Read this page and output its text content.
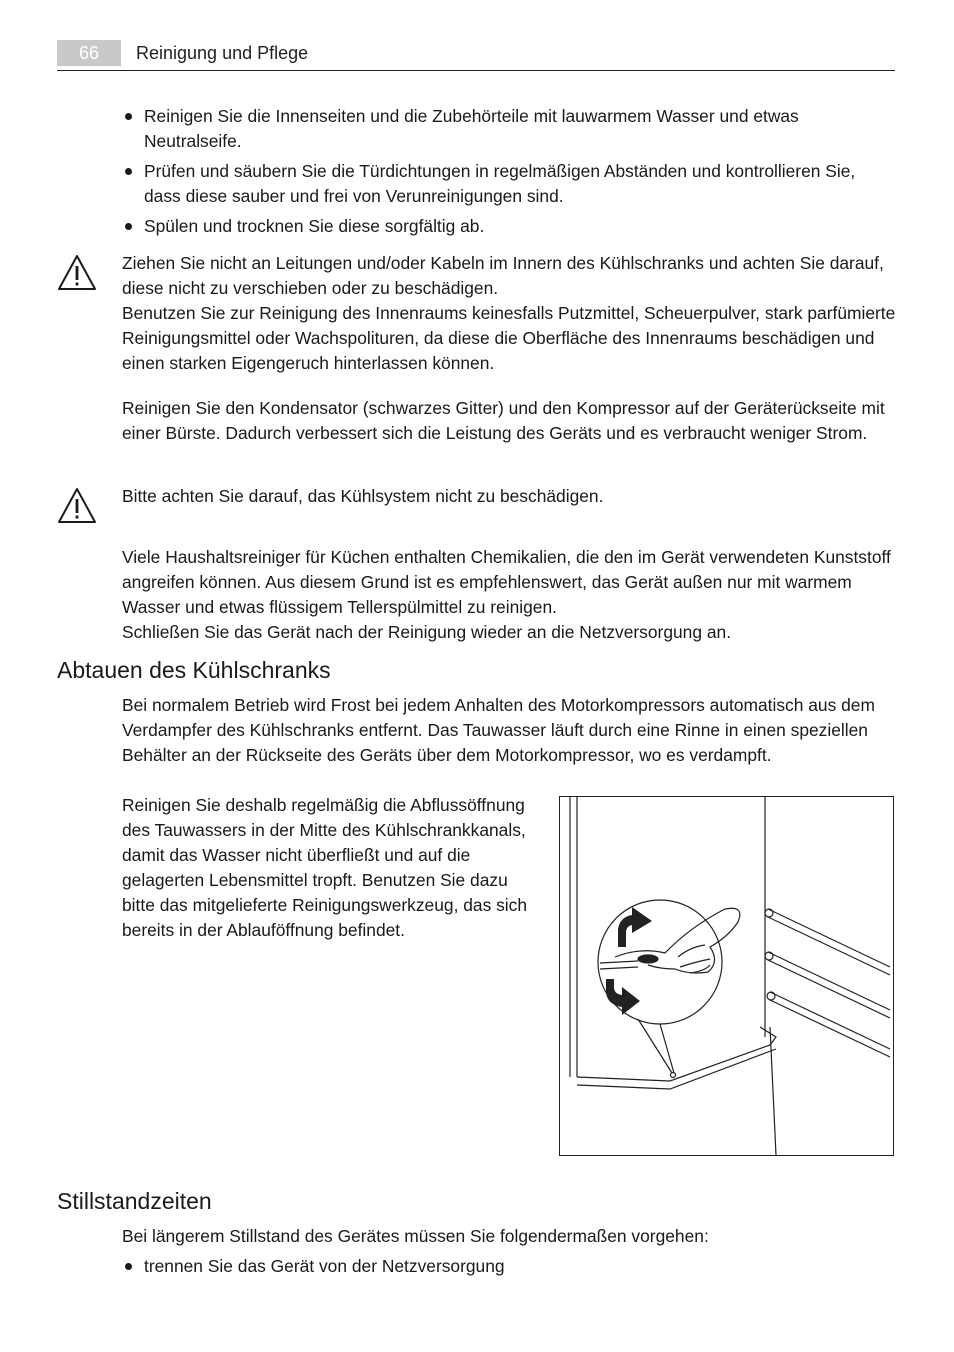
66	Reinigung und Pflege
Reinigen Sie die Innenseiten und die Zubehörteile mit lauwarmem Wasser und etwas Neutralseife.
Prüfen und säubern Sie die Türdichtungen in regelmäßigen Abständen und kontrollieren Sie, dass diese sauber und frei von Verunreinigungen sind.
Spülen und trocknen Sie diese sorgfältig ab.

Ziehen Sie nicht an Leitungen und/oder Kabeln im Innern des Kühlschranks und achten Sie darauf, diese nicht zu verschieben oder zu beschädigen.

Benutzen Sie zur Reinigung des Innenraums keinesfalls Putzmittel, Scheuerpulver, stark parfümierte Reinigungsmittel oder Wachspolituren, da diese die Oberfläche des Innenraums beschädigen und einen starken Eigengeruch hinterlassen können.

Reinigen Sie den Kondensator (schwarzes Gitter) und den Kompressor auf der Geräterückseite mit einer Bürste. Dadurch verbessert sich die Leistung des Geräts und es verbraucht weniger Strom.

Bitte achten Sie darauf, das Kühlsystem nicht zu beschädigen.

Viele Haushaltsreiniger für Küchen enthalten Chemikalien, die den im Gerät verwendeten Kunststoff angreifen können. Aus diesem Grund ist es empfehlenswert, das Gerät außen nur mit warmem Wasser und etwas flüssigem Tellerspülmittel zu reinigen.

Schließen Sie das Gerät nach der Reinigung wieder an die Netzversorgung an.

Abtauen des Kühlschranks

Bei normalem Betrieb wird Frost bei jedem Anhalten des Motorkompressors automatisch aus dem Verdampfer des Kühlschranks entfernt. Das Tauwasser läuft durch eine Rinne in einen speziellen Behälter an der Rückseite des Geräts über dem Motorkompressor, wo es verdampft.

Reinigen Sie deshalb regelmäßig die Abflussöffnung des Tauwassers in der Mitte des Kühlschrankkanals, damit das Wasser nicht überfließt und auf die gelagerten Lebensmittel tropft. Benutzen Sie dazu bitte das mitgelieferte Reinigungswerkzeug, das sich bereits in der Ablauföffnung befindet.

Stillstandzeiten

Bei längerem Stillstand des Gerätes müssen Sie folgendermaßen vorgehen:

trennen Sie das Gerät von der Netzversorgung
